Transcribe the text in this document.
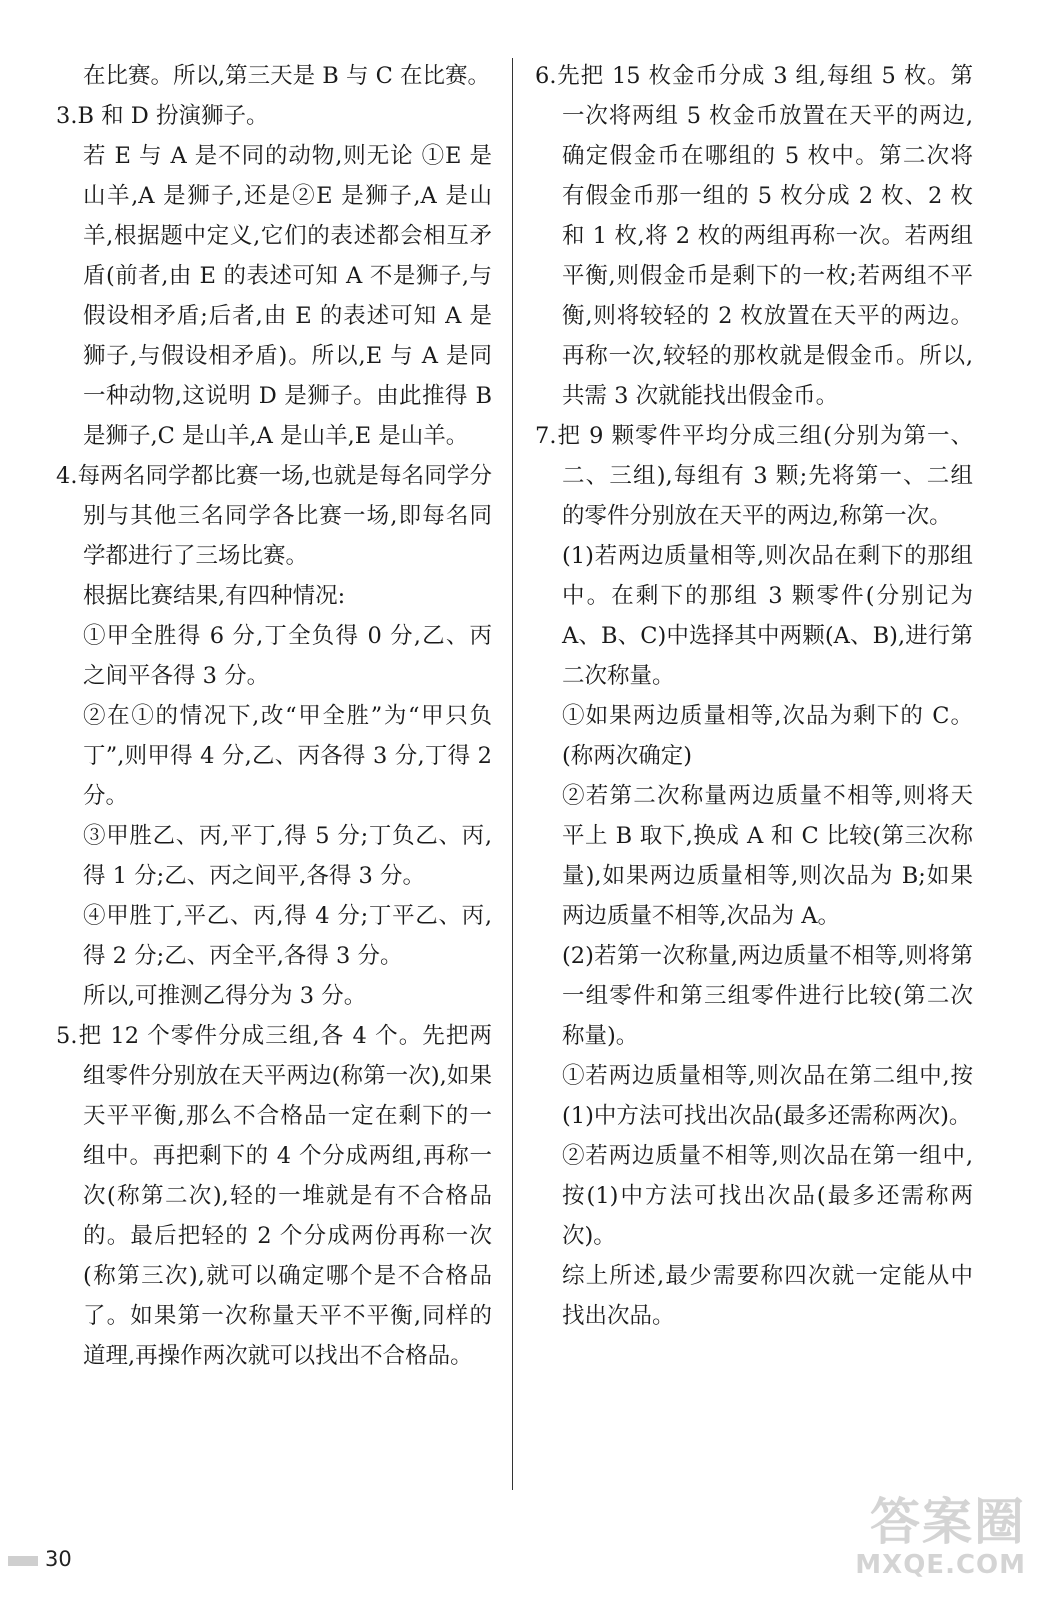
在比赛。所以,第三天是 B 与 C 在比赛。

3.B 和 D 扮演狮子。

若 E 与 A 是不同的动物,则无论 ①E 是山羊,A 是狮子,还是②E 是狮子,A 是山羊,根据题中定义,它们的表述都会相互矛盾(前者,由 E 的表述可知 A 不是狮子,与假设相矛盾;后者,由 E 的表述可知 A 是狮子,与假设相矛盾)。所以,E 与 A 是同一种动物,这说明 D 是狮子。由此推得 B 是狮子,C 是山羊,A 是山羊,E 是山羊。

4.每两名同学都比赛一场,也就是每名同学分别与其他三名同学各比赛一场,即每名同学都进行了三场比赛。

根据比赛结果,有四种情况:

①甲全胜得 6 分,丁全负得 0 分,乙、丙之间平各得 3 分。

②在①的情况下,改“甲全胜”为“甲只负丁”,则甲得 4 分,乙、丙各得 3 分,丁得 2 分。

③甲胜乙、丙,平丁,得 5 分;丁负乙、丙,得 1 分;乙、丙之间平,各得 3 分。

④甲胜丁,平乙、丙,得 4 分;丁平乙、丙,得 2 分;乙、丙全平,各得 3 分。

所以,可推测乙得分为 3 分。

5.把 12 个零件分成三组,各 4 个。先把两组零件分别放在天平两边(称第一次),如果天平平衡,那么不合格品一定在剩下的一组中。再把剩下的 4 个分成两组,再称一次(称第二次),轻的一堆就是有不合格品的。最后把轻的 2 个分成两份再称一次(称第三次),就可以确定哪个是不合格品了。如果第一次称量天平不平衡,同样的道理,再操作两次就可以找出不合格品。

6.先把 15 枚金币分成 3 组,每组 5 枚。第一次将两组 5 枚金币放置在天平的两边,确定假金币在哪组的 5 枚中。第二次将有假金币那一组的 5 枚分成 2 枚、2 枚和 1 枚,将 2 枚的两组再称一次。若两组平衡,则假金币是剩下的一枚;若两组不平衡,则将较轻的 2 枚放置在天平的两边。再称一次,较轻的那枚就是假金币。所以,共需 3 次就能找出假金币。

7.把 9 颗零件平均分成三组(分别为第一、二、三组),每组有 3 颗;先将第一、二组的零件分别放在天平的两边,称第一次。

(1)若两边质量相等,则次品在剩下的那组中。在剩下的那组 3 颗零件(分别记为 A、B、C)中选择其中两颗(A、B),进行第二次称量。

①如果两边质量相等,次品为剩下的 C。(称两次确定)

②若第二次称量两边质量不相等,则将天平上 B 取下,换成 A 和 C 比较(第三次称量),如果两边质量相等,则次品为 B;如果两边质量不相等,次品为 A。

(2)若第一次称量,两边质量不相等,则将第一组零件和第三组零件进行比较(第二次称量)。

①若两边质量相等,则次品在第二组中,按(1)中方法可找出次品(最多还需称两次)。

②若两边质量不相等,则次品在第一组中,按(1)中方法可找出次品(最多还需称两次)。

综上所述,最少需要称四次就一定能从中找出次品。

30
答案圈
MXQE.COM
